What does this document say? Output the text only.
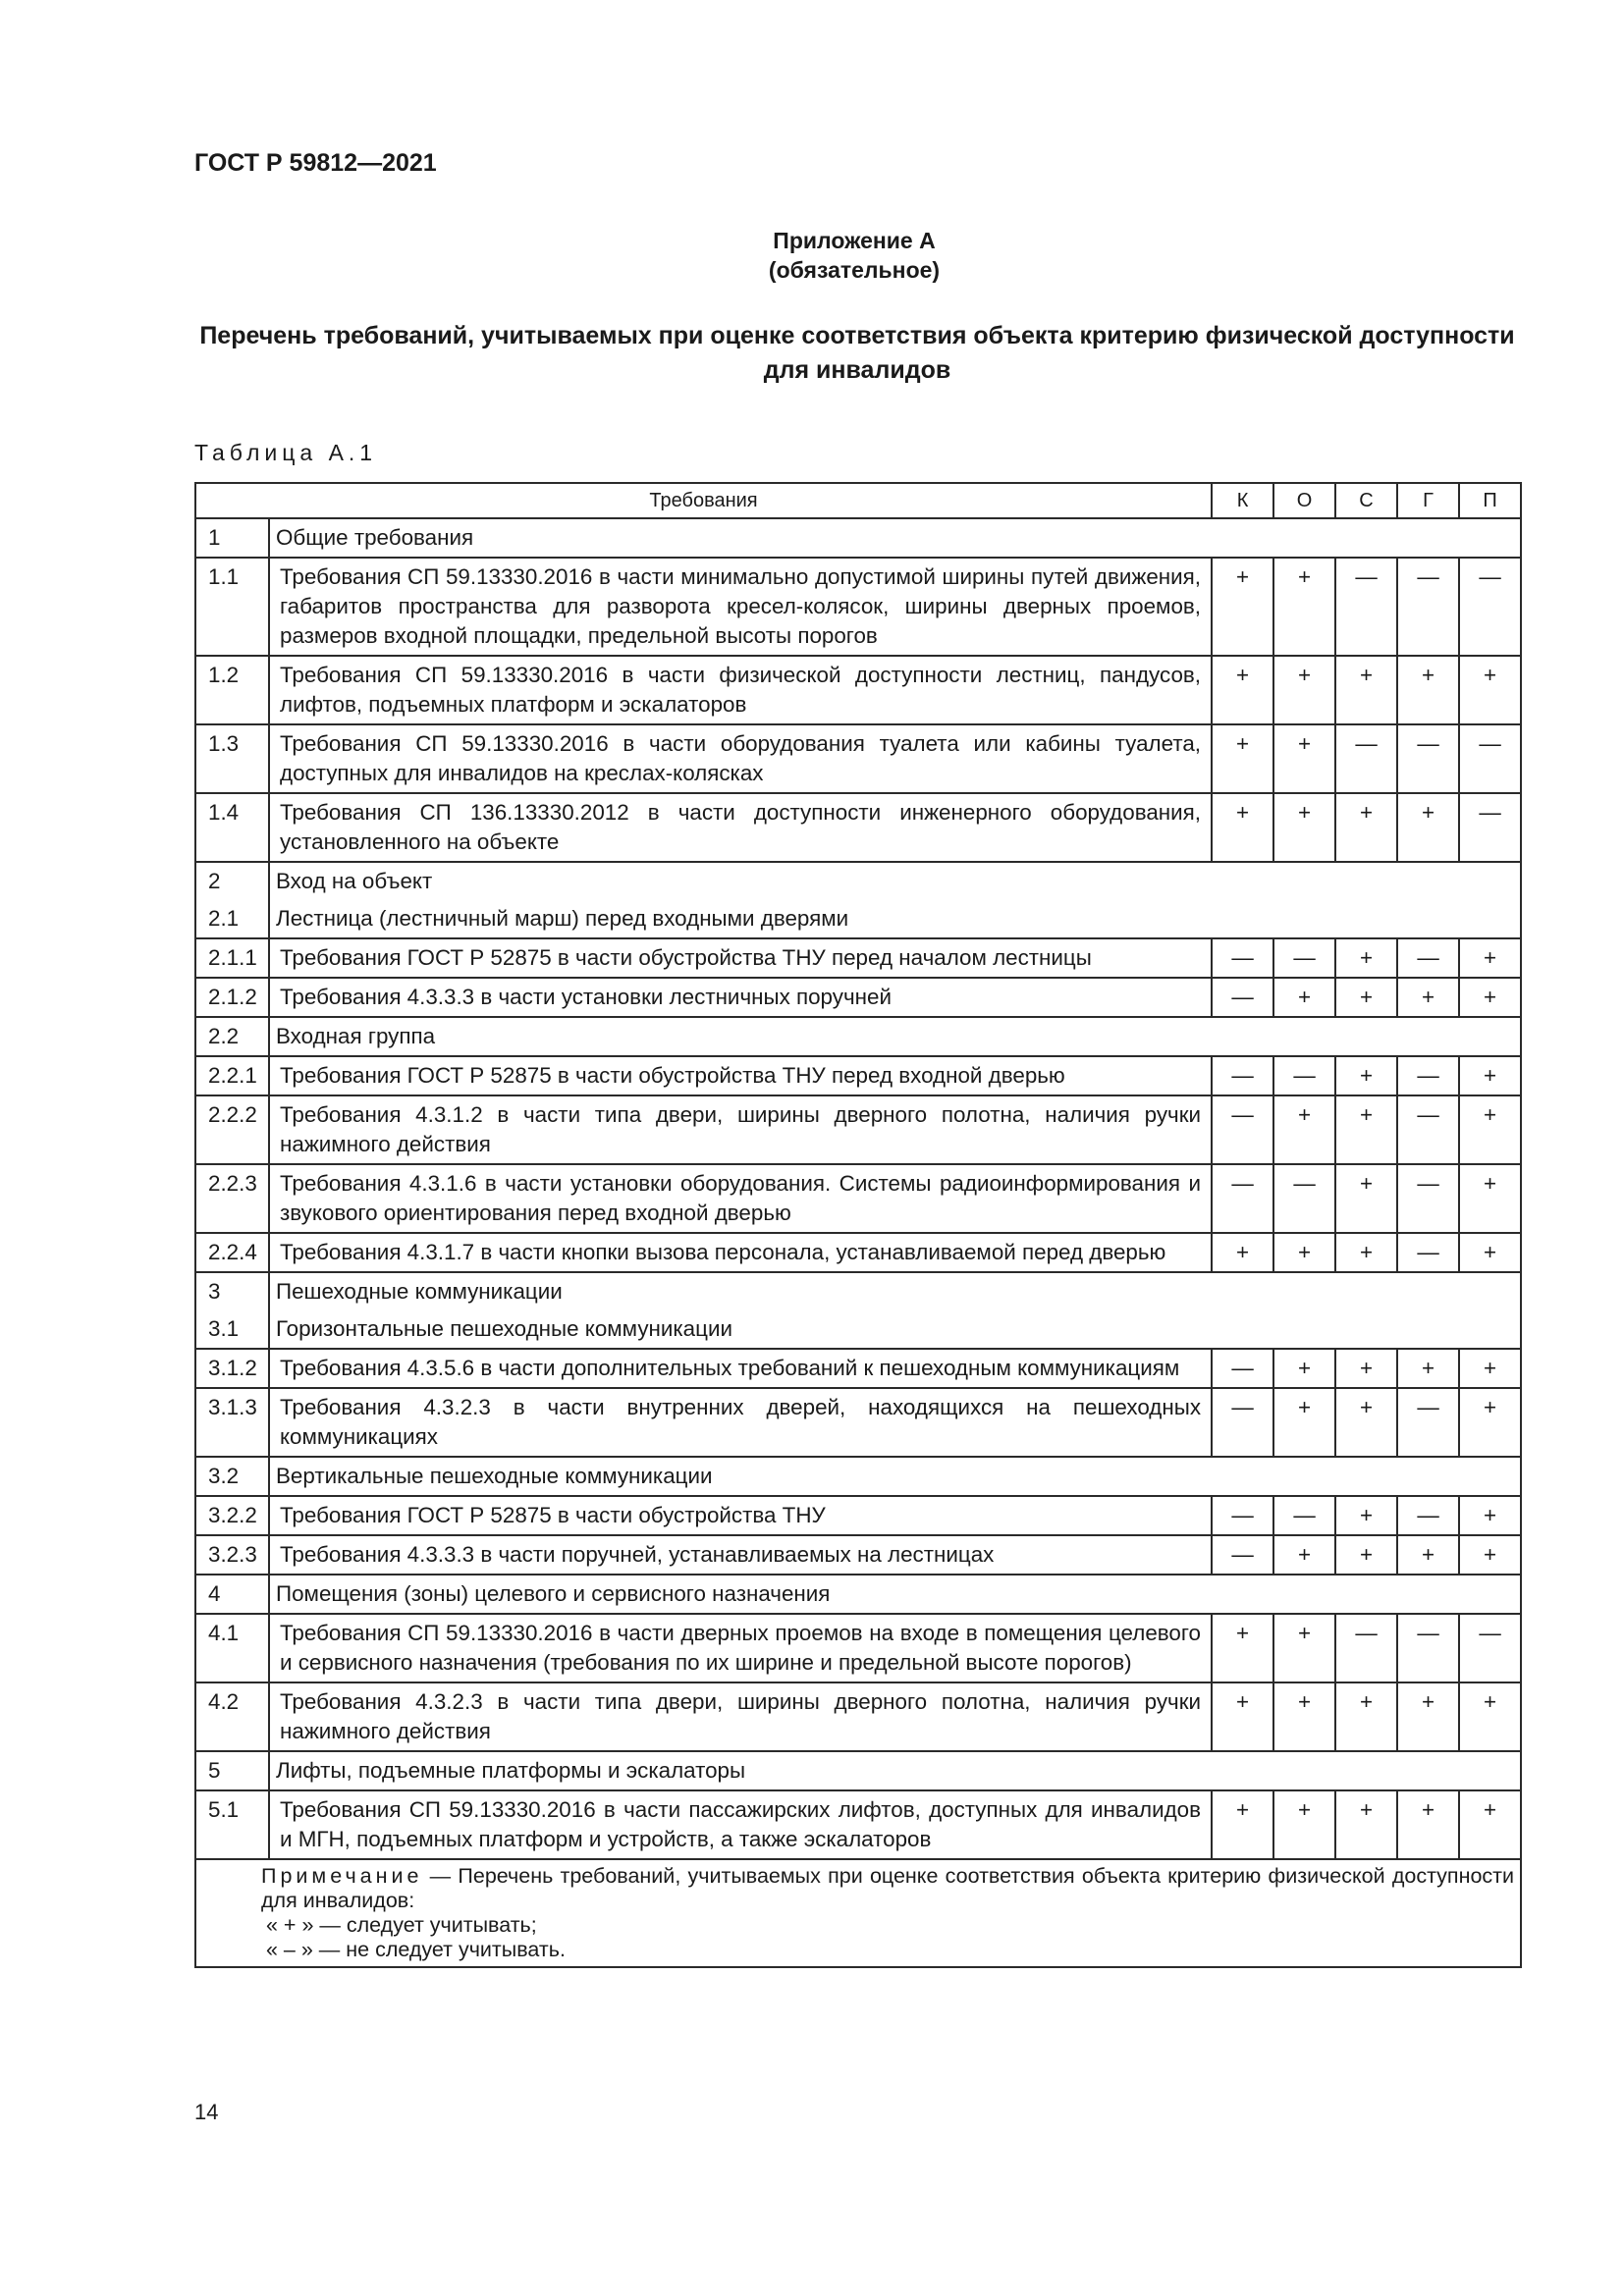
ГОСТ Р 59812—2021
Приложение А
(обязательное)
Перечень требований, учитываемых при оценке соответствия объекта критерию физической доступности для инвалидов
Таблица А.1
Требования		К	О	С	Г	П
1	Общие требования					
1.1	Требования СП 59.13330.2016 в части минимально допустимой ширины путей движения, габаритов пространства для разворота кресел-колясок, ширины дверных проемов, размеров входной площадки, предельной высоты порогов	+	+	—	—	—
1.2	Требования СП 59.13330.2016 в части физической доступности лестниц, пандусов, лифтов, подъемных платформ и эскалаторов	+	+	+	+	+
1.3	Требования СП 59.13330.2016 в части оборудования туалета или кабины туалета, доступных для инвалидов на креслах-колясках	+	+	—	—	—
1.4	Требования СП 136.13330.2012 в части доступности инженерного оборудования, установленного на объекте	+	+	+	+	—
2	Вход на объект					
2.1	Лестница (лестничный марш) перед входными дверями					
2.1.1	Требования ГОСТ Р 52875 в части обустройства ТНУ перед началом лестницы	—	—	+	—	+
2.1.2	Требования 4.3.3.3 в части установки лестничных поручней	—	+	+	+	+
2.2	Входная группа					
2.2.1	Требования ГОСТ Р 52875 в части обустройства ТНУ перед входной дверью	—	—	+	—	+
2.2.2	Требования 4.3.1.2 в части типа двери, ширины дверного полотна, наличия ручки нажимного действия	—	+	+	—	+
2.2.3	Требования 4.3.1.6 в части установки оборудования. Системы радиоинформирования и звукового ориентирования перед входной дверью	—	—	+	—	+
2.2.4	Требования 4.3.1.7 в части кнопки вызова персонала, устанавливаемой перед дверью	+	+	+	—	+
3	Пешеходные коммуникации					
3.1	Горизонтальные пешеходные коммуникации					
3.1.2	Требования 4.3.5.6 в части дополнительных требований к пешеходным коммуникациям	—	+	+	+	+
3.1.3	Требования 4.3.2.3 в части внутренних дверей, находящихся на пешеходных коммуникациях	—	+	+	—	+
3.2	Вертикальные пешеходные коммуникации					
3.2.2	Требования ГОСТ Р 52875 в части обустройства ТНУ	—	—	+	—	+
3.2.3	Требования 4.3.3.3 в части поручней, устанавливаемых на лестницах	—	+	+	+	+
4	Помещения (зоны) целевого и сервисного назначения					
4.1	Требования СП 59.13330.2016 в части дверных проемов на входе в помещения целевого и сервисного назначения (требования по их ширине и предельной высоте порогов)	+	+	—	—	—
4.2	Требования 4.3.2.3 в части типа двери, ширины дверного полотна, наличия ручки нажимного действия	+	+	+	+	+
5	Лифты, подъемные платформы и эскалаторы					
5.1	Требования СП 59.13330.2016 в части пассажирских лифтов, доступных для инвалидов и МГН, подъемных платформ и устройств, а также эскалаторов	+	+	+	+	+

Примечание — Перечень требований, учитываемых при оценке соответствия объекта критерию физической доступности для инвалидов:
« + » — следует учитывать;
« – » — не следует учитывать.						
14
